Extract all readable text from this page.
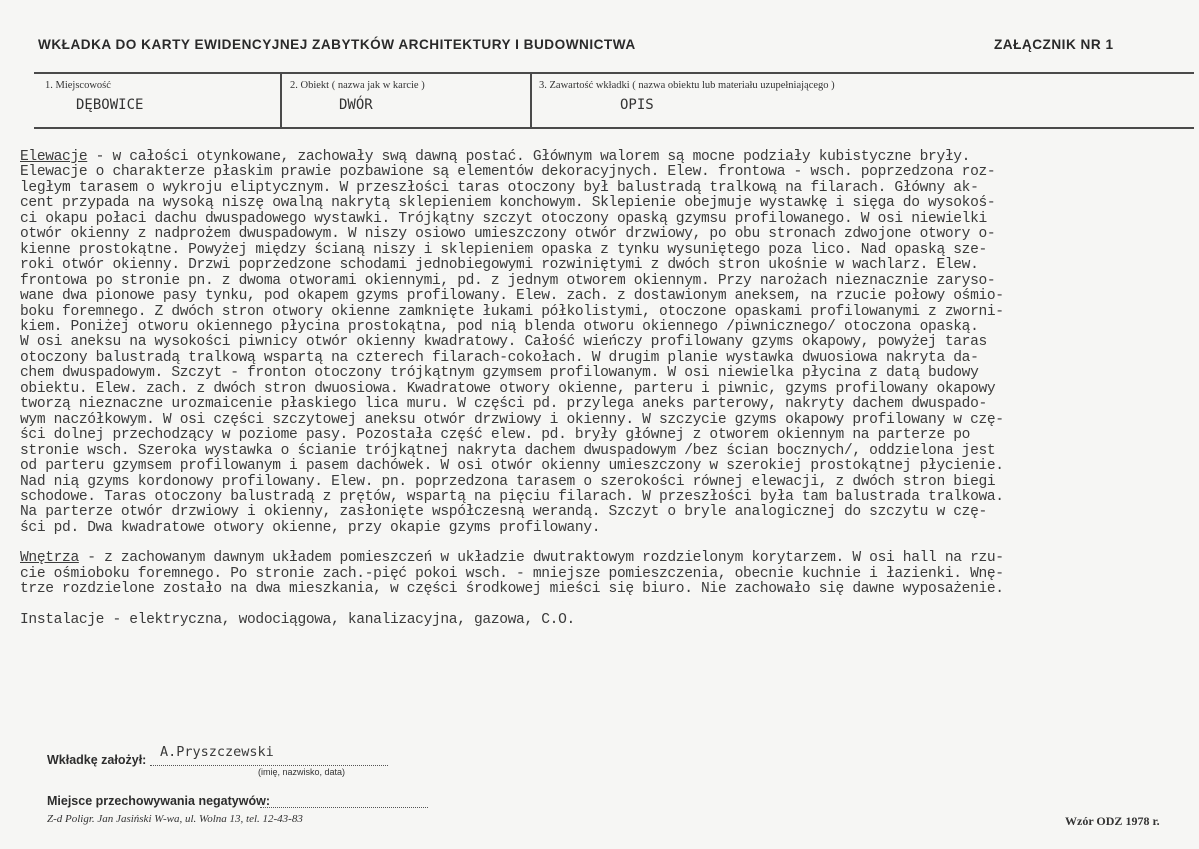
WKŁADKA DO KARTY EWIDENCYJNEJ ZABYTKÓW ARCHITEKTURY I BUDOWNICTWA	ZAŁĄCZNIK NR 1
1. Miejscowość
DĘBOWICE
2. Obiekt ( nazwa jak w karcie )
DWÓR
3. Zawartość wkładki ( nazwa obiektu lub materiału uzupełniającego )
OPIS

Elewacje - w całości otynkowane, zachowały swą dawną postać. Głównym walorem są mocne podziały kubistyczne bryły.

Elewacje o charakterze płaskim prawie pozbawione są elementów dekoracyjnych. Elew. frontowa - wsch. poprzedzona roz-

ległym tarasem o wykroju eliptycznym. W przeszłości taras otoczony był balustradą tralkową na filarach. Główny ak-

cent przypada na wysoką niszę owalną nakrytą sklepieniem konchowym. Sklepienie obejmuje wystawkę i sięga do wysokoś-

ci okapu połaci dachu dwuspadowego wystawki. Trójkątny szczyt otoczony opaską gzymsu profilowanego. W osi niewielki

otwór okienny z nadprożem dwuspadowym. W niszy osiowo umieszczony otwór drzwiowy, po obu stronach zdwojone otwory o-

kienne prostokątne. Powyżej między ścianą niszy i sklepieniem opaska z tynku wysuniętego poza lico. Nad opaską sze-

roki otwór okienny. Drzwi poprzedzone schodami jednobiegowymi rozwiniętymi z dwóch stron ukośnie w wachlarz. Elew.

frontowa po stronie pn. z dwoma otworami okiennymi, pd. z jednym otworem okiennym. Przy narożach nieznacznie zaryso-

wane dwa pionowe pasy tynku, pod okapem gzyms profilowany. Elew. zach. z dostawionym aneksem, na rzucie połowy ośmio-

boku foremnego. Z dwóch stron otwory okienne zamknięte łukami półkolistymi, otoczone opaskami profilowanymi z zworni-

kiem. Poniżej otworu okiennego płycina prostokątna, pod nią blenda otworu okiennego /piwnicznego/ otoczona opaską.

W osi aneksu na wysokości piwnicy otwór okienny kwadratowy. Całość wieńczy profilowany gzyms okapowy, powyżej taras

otoczony balustradą tralkową wspartą na czterech filarach-cokołach. W drugim planie wystawka dwuosiowa nakryta da-

chem dwuspadowym. Szczyt - fronton otoczony trójkątnym gzymsem profilowanym. W osi niewielka płycina z datą budowy

obiektu. Elew. zach. z dwóch stron dwuosiowa. Kwadratowe otwory okienne, parteru i piwnic, gzyms profilowany okapowy

tworzą nieznaczne urozmaicenie płaskiego lica muru. W części pd. przylega aneks parterowy, nakryty dachem dwuspado-

wym naczółkowym. W osi części szczytowej aneksu otwór drzwiowy i okienny. W szczycie gzyms okapowy profilowany w czę-

ści dolnej przechodzący w poziome pasy. Pozostała część elew. pd. bryły głównej z otworem okiennym na parterze po

stronie wsch. Szeroka wystawka o ścianie trójkątnej nakryta dachem dwuspadowym /bez ścian bocznych/, oddzielona jest

od parteru gzymsem profilowanym i pasem dachówek. W osi otwór okienny umieszczony w szerokiej prostokątnej płycienie.

Nad nią gzyms kordonowy profilowany. Elew. pn. poprzedzona tarasem o szerokości równej elewacji, z dwóch stron biegi

schodowe. Taras otoczony balustradą z prętów, wspartą na pięciu filarach. W przeszłości była tam balustrada tralkowa.

Na parterze otwór drzwiowy i okienny, zasłonięte współczesną werandą. Szczyt o bryle analogicznej do szczytu w czę-

ści pd. Dwa kwadratowe otwory okienne, przy okapie gzyms profilowany.

Wnętrza - z zachowanym dawnym układem pomieszczeń w układzie dwutraktowym rozdzielonym korytarzem. W osi hall na rzu-

cie ośmioboku foremnego. Po stronie zach.-pięć pokoi wsch. - mniejsze pomieszczenia, obecnie kuchnie i łazienki. Wnę-

trze rozdzielone zostało na dwa mieszkania, w części środkowej mieści się biuro. Nie zachowało się dawne wyposażenie.

Instalacje - elektryczna, wodociągowa, kanalizacyjna, gazowa, C.O.

Wkładkę założył: A.Pryszczewski
(imię, nazwisko, data)
Miejsce przechowywania negatywów:
Z-d Poligr. Jan Jasiński W-wa, ul. Wolna 13, tel. 12-43-83	Wzór ODZ 1978 r.
